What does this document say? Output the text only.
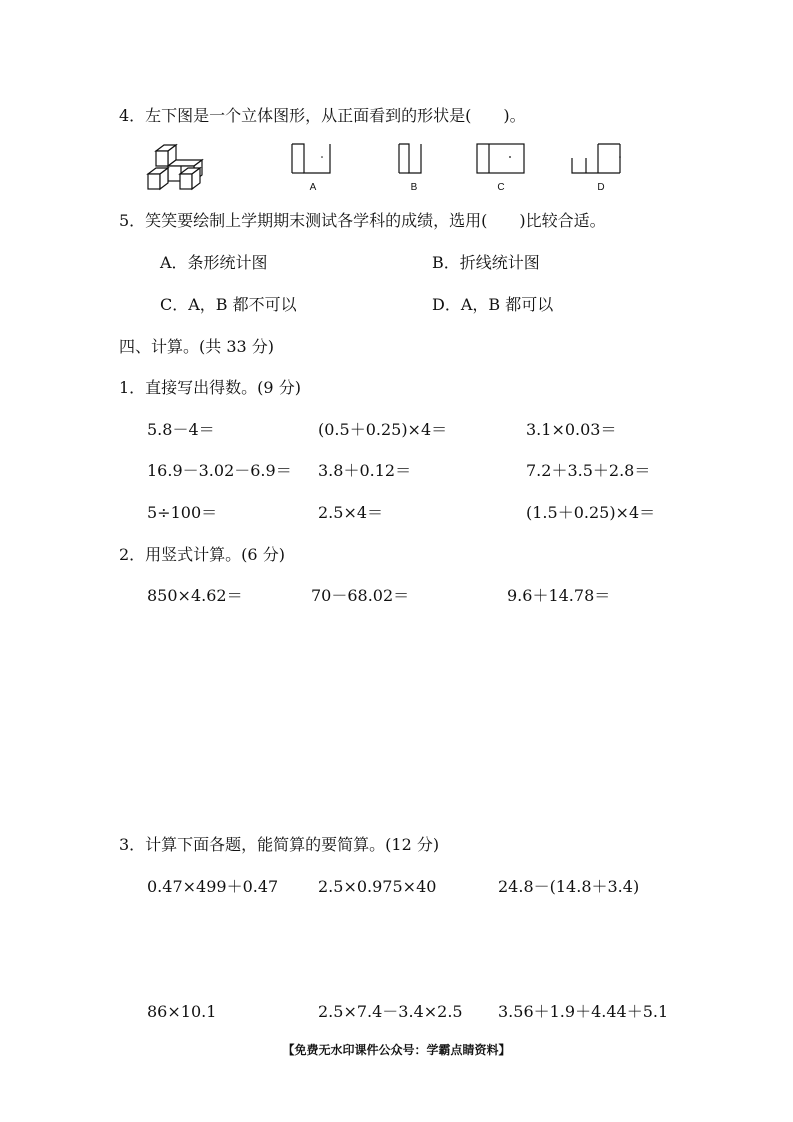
4．左下图是一个立体图形，从正面看到的形状是(　　)。
A	B	C	D
5．笑笑要绘制上学期期末测试各学科的成绩，选用(　　)比较合适。
A．条形统计图	B．折线统计图
C．A，B 都不可以	D．A，B 都可以
四、计算。(共 33 分)
1．直接写出得数。(9 分)
5.8－4＝	(0.5＋0.25)×4＝	3.1×0.03＝
16.9－3.02－6.9＝ 3.8＋0.12＝	7.2＋3.5＋2.8＝
5÷100＝	2.5×4＝	(1.5＋0.25)×4＝
2．用竖式计算。(6 分)
850×4.62＝	70－68.02＝	9.6＋14.78＝
3．计算下面各题，能简算的要简算。(12 分)
0.47×499＋0.47 2.5×0.975×40	24.8－(14.8＋3.4)
86×10.1	2.5×7.4－3.4×2.5 3.56＋1.9＋4.44＋5.1
【免费无水印课件公众号：学霸点睛资料】
